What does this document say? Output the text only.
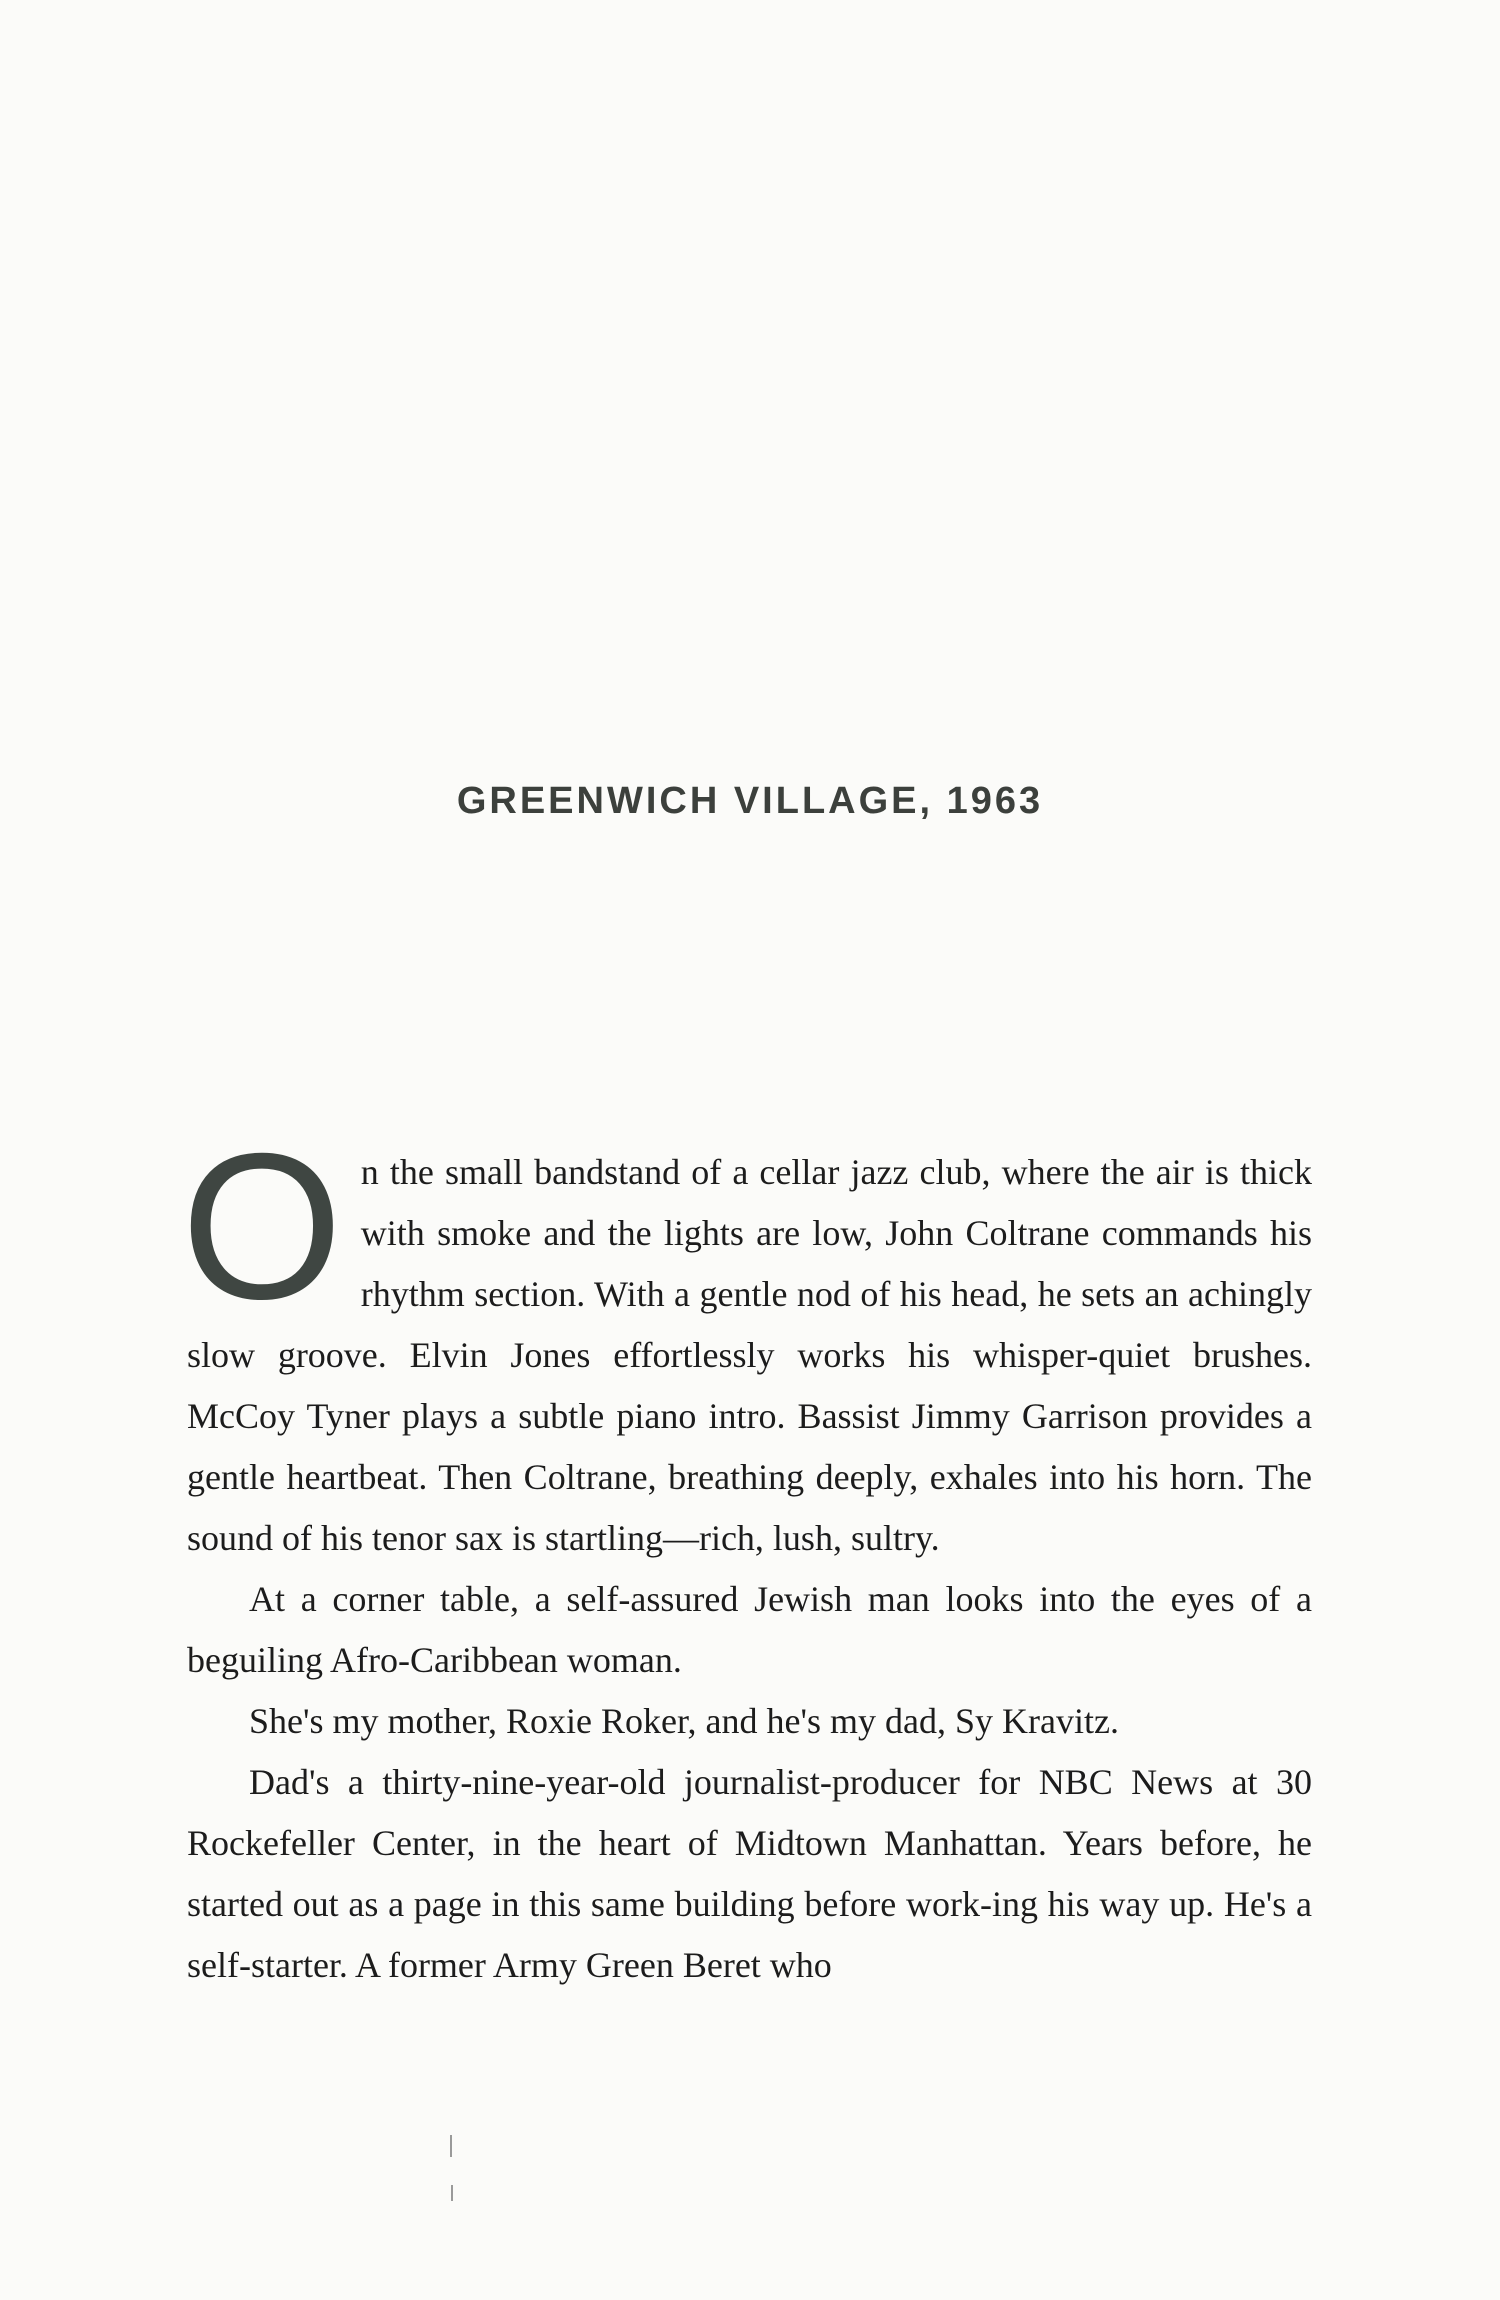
GREENWICH VILLAGE, 1963

On the small bandstand of a cellar jazz club, where the air is thick with smoke and the lights are low, John Coltrane commands his rhythm section. With a gentle nod of his head, he sets an achingly slow groove. Elvin Jones effortlessly works his whisper-quiet brushes. McCoy Tyner plays a subtle piano intro. Bassist Jimmy Garrison provides a gentle heartbeat. Then Coltrane, breathing deeply, exhales into his horn. The sound of his tenor sax is startling—rich, lush, sultry.

At a corner table, a self-assured Jewish man looks into the eyes of a beguiling Afro-Caribbean woman.

She's my mother, Roxie Roker, and he's my dad, Sy Kravitz.

Dad's a thirty-nine-year-old journalist-producer for NBC News at 30 Rockefeller Center, in the heart of Midtown Manhattan. Years before, he started out as a page in this same building before work-ing his way up. He's a self-starter. A former Army Green Beret who
